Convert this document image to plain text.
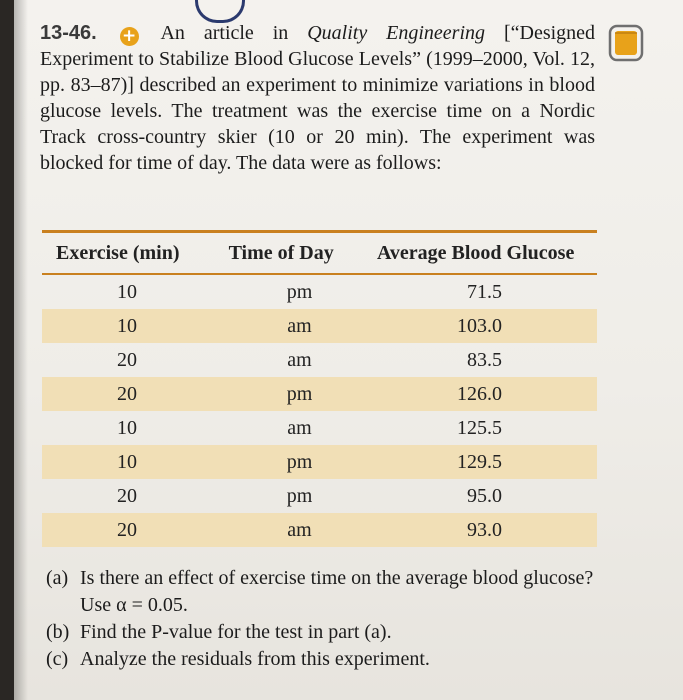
13-46. + An article in Quality Engineering [“Designed Experiment to Stabilize Blood Glucose Levels” (1999–2000, Vol. 12, pp. 83–87)] described an experiment to minimize variations in blood glucose levels. The treatment was the exercise time on a Nordic Track cross-country skier (10 or 20 min). The experiment was blocked for time of day. The data were as follows:

Exercise (min)	Time of Day	Average Blood Glucose
10	pm	71.5
10	am	103.0
20	am	83.5
20	pm	126.0
10	am	125.5
10	pm	129.5
20	pm	95.0
20	am	93.0
(a) Is there an effect of exercise time on the average blood glucose? Use α = 0.05.
(b) Find the P-value for the test in part (a).
(c) Analyze the residuals from this experiment.
